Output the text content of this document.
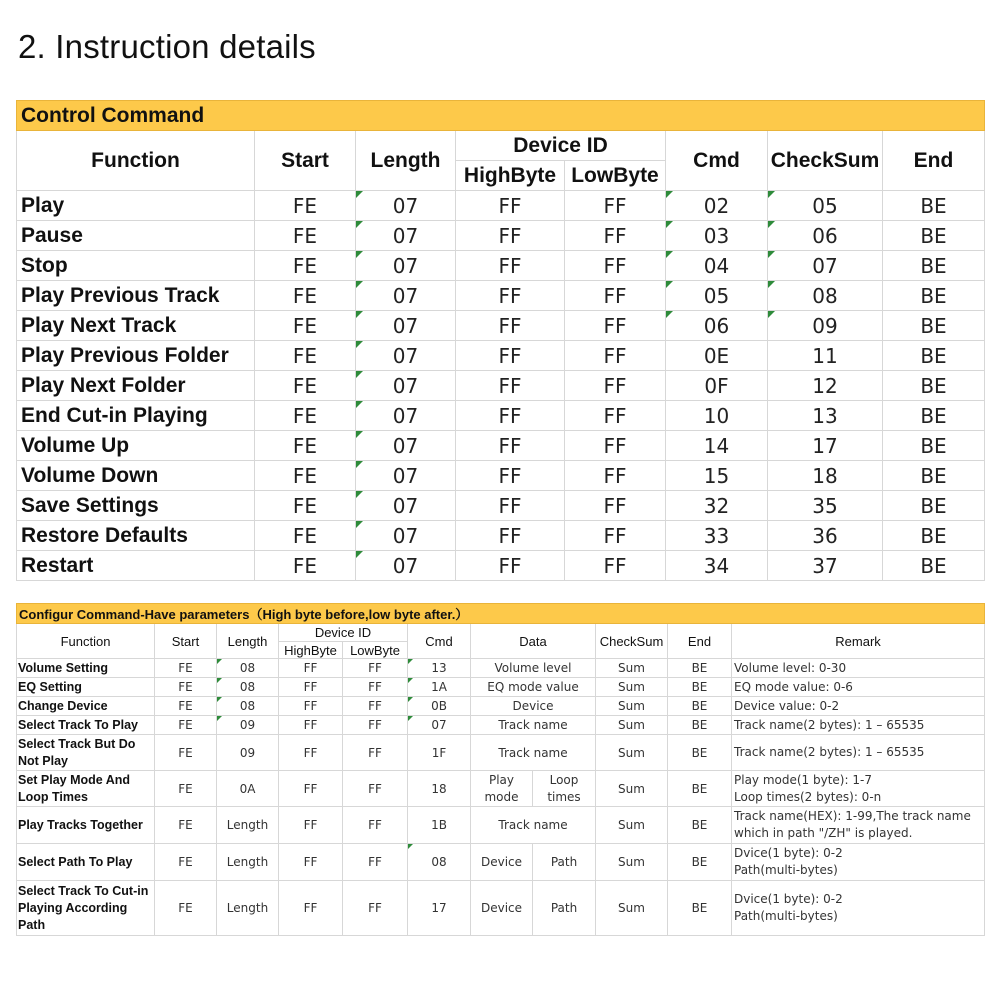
2. Instruction details
Control Command							
Function	Start	Length	Device ID		Cmd	CheckSum	End
			HighByte	LowByte			
Play	FE	07	FF	FF	02	05	BE
Pause	FE	07	FF	FF	03	06	BE
Stop	FE	07	FF	FF	04	07	BE
Play Previous Track	FE	07	FF	FF	05	08	BE
Play Next Track	FE	07	FF	FF	06	09	BE
Play Previous Folder	FE	07	FF	FF	0E	11	BE
Play Next Folder	FE	07	FF	FF	0F	12	BE
End Cut-in Playing	FE	07	FF	FF	10	13	BE
Volume Up	FE	07	FF	FF	14	17	BE
Volume Down	FE	07	FF	FF	15	18	BE
Save Settings	FE	07	FF	FF	32	35	BE
Restore Defaults	FE	07	FF	FF	33	36	BE
Restart	FE	07	FF	FF	34	37	BE
Configur Command-Have parameters（High byte before,low byte after.）										
Function	Start	Length	Device ID		Cmd	Data		CheckSum	End	Remark
			HighByte	LowByte						
Volume Setting	FE	08	FF	FF	13	Volume level		Sum	BE	Volume level: 0-30
EQ Setting	FE	08	FF	FF	1A	EQ mode value		Sum	BE	EQ mode value: 0-6
Change Device	FE	08	FF	FF	0B	Device		Sum	BE	Device value: 0-2
Select Track To Play	FE	09	FF	FF	07	Track name		Sum	BE	Track name(2 bytes): 1 – 65535
Select Track But Do Not Play	FE	09	FF	FF	1F	Track name		Sum	BE	Track name(2 bytes): 1 – 65535
Set Play Mode And Loop Times	FE	0A	FF	FF	18	Play mode	Loop times	Sum	BE	Play mode(1 byte): 1-7
Loop times(2 bytes): 0-n
Play Tracks Together	FE	Length	FF	FF	1B	Track name		Sum	BE	Track name(HEX): 1-99,The track name which in path "/ZH" is played.
Select Path To Play	FE	Length	FF	FF	08	Device	Path	Sum	BE	Dvice(1 byte): 0-2
Path(multi-bytes)
Select Track To Cut-in Playing According Path	FE	Length	FF	FF	17	Device	Path	Sum	BE	Dvice(1 byte): 0-2
Path(multi-bytes)
